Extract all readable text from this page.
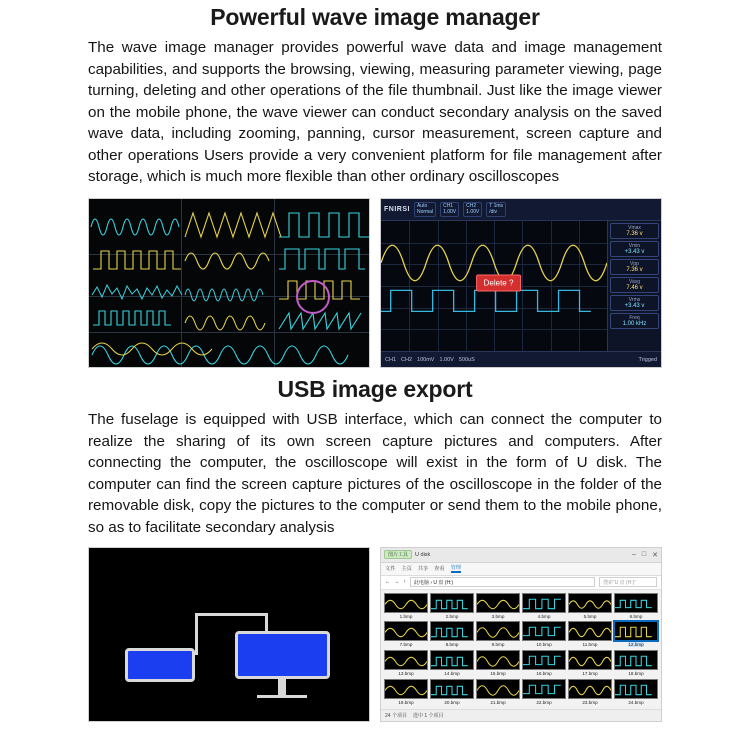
Powerful wave image manager

The wave image manager provides powerful wave data and image management capabilities, and supports the browsing, viewing, measuring parameter viewing, page turning, deleting and other operations of the file thumbnail. Just like the image viewer on the mobile phone, the wave viewer can conduct secondary analysis on the saved wave data, including zooming, panning, cursor measurement, screen capture and other operations Users provide a very convenient platform for file management after storage, which is much more flexible than other ordinary oscilloscopes

FNIRSI
Auto
Normal
CH1
1.00V
CH2
1.00V
T 1ms
/div
Delete ?
Vmax
7.36 v
Vmin
+3.43 v
Vpp
7.36 v
Vavg
7.46 v
Vrms
+3.43 v
Freq
1.00 kHz
CH1 CH2 100mV 1.00V 500uS	Trigged
USB image export

The fuselage is equipped with USB interface, which can connect the computer to realize the sharing of its own screen capture pictures and computers. After connecting the computer, the oscilloscope will exist in the form of U disk. The computer can find the screen capture pictures of the oscilloscope in the folder of the removable disk, copy the pictures to the computer or send them to the mobile phone, so as to facilitate secondary analysis

图片工具	U disk	– □ ✕
文件 主页 共享 查看 管理
← → ↑	此电脑 › U 盘 (H:)	搜索“U 盘 (H:)”
1.bmp	2.bmp	3.bmp	4.bmp	5.bmp	6.bmp
7.bmp	8.bmp	9.bmp	10.bmp	11.bmp	12.bmp
13.bmp	14.bmp	15.bmp	16.bmp	17.bmp	18.bmp
19.bmp	20.bmp	21.bmp	22.bmp	23.bmp	24.bmp
24 个项目 选中 1 个项目
